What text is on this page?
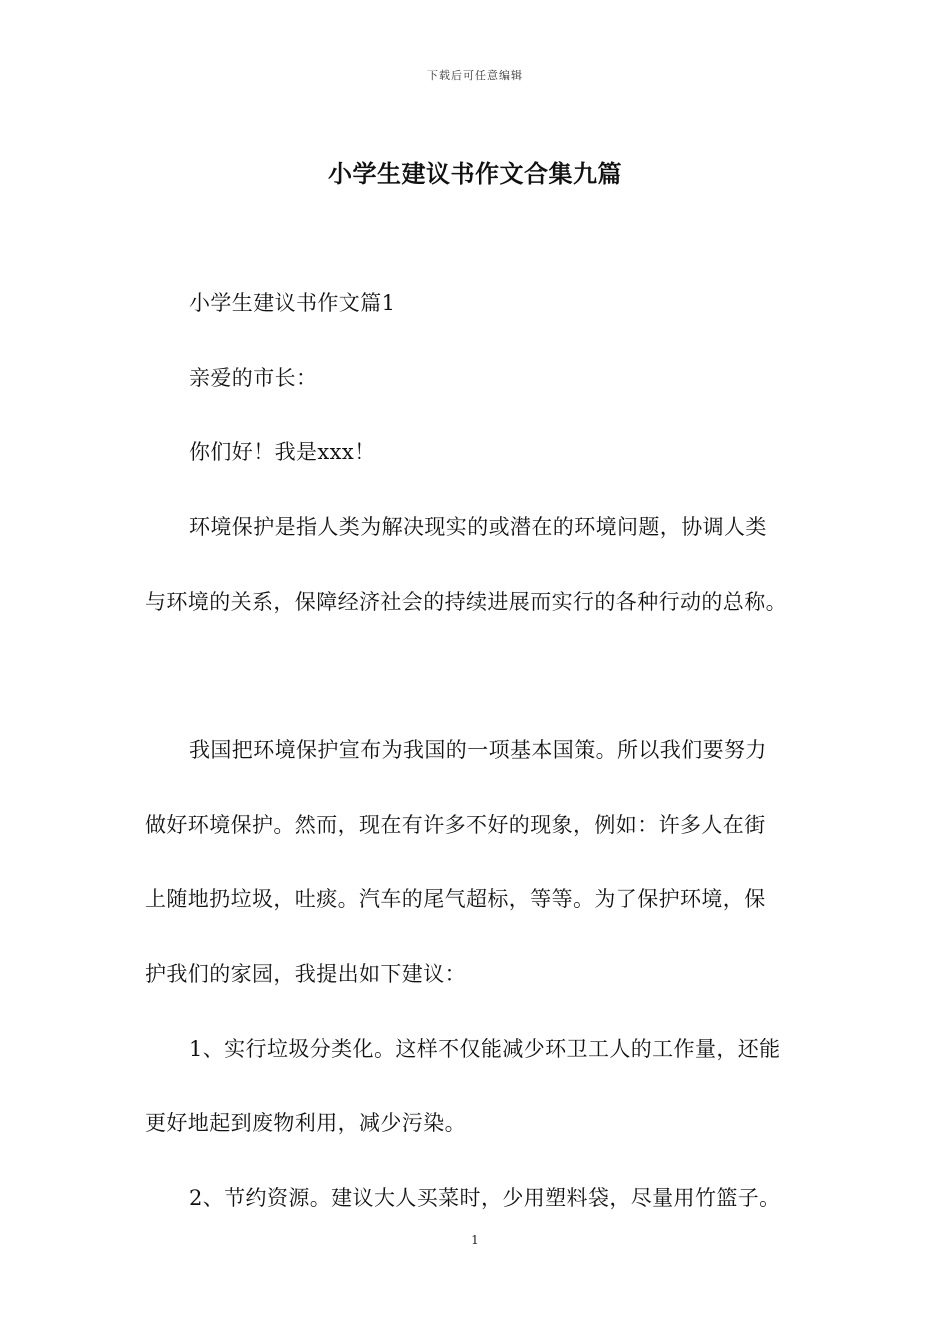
下载后可任意编辑
小学生建议书作文合集九篇
小学生建议书作文篇1
亲爱的市长：
你们好！我是xxx！
环境保护是指人类为解决现实的或潜在的环境问题，协调人类
与环境的关系，保障经济社会的持续进展而实行的各种行动的总称。
我国把环境保护宣布为我国的一项基本国策。所以我们要努力
做好环境保护。然而，现在有许多不好的现象，例如：许多人在街
上随地扔垃圾，吐痰。汽车的尾气超标，等等。为了保护环境，保
护我们的家园，我提出如下建议：
1、实行垃圾分类化。这样不仅能减少环卫工人的工作量，还能
更好地起到废物利用，减少污染。
2、节约资源。建议大人买菜时，少用塑料袋，尽量用竹篮子。
1
